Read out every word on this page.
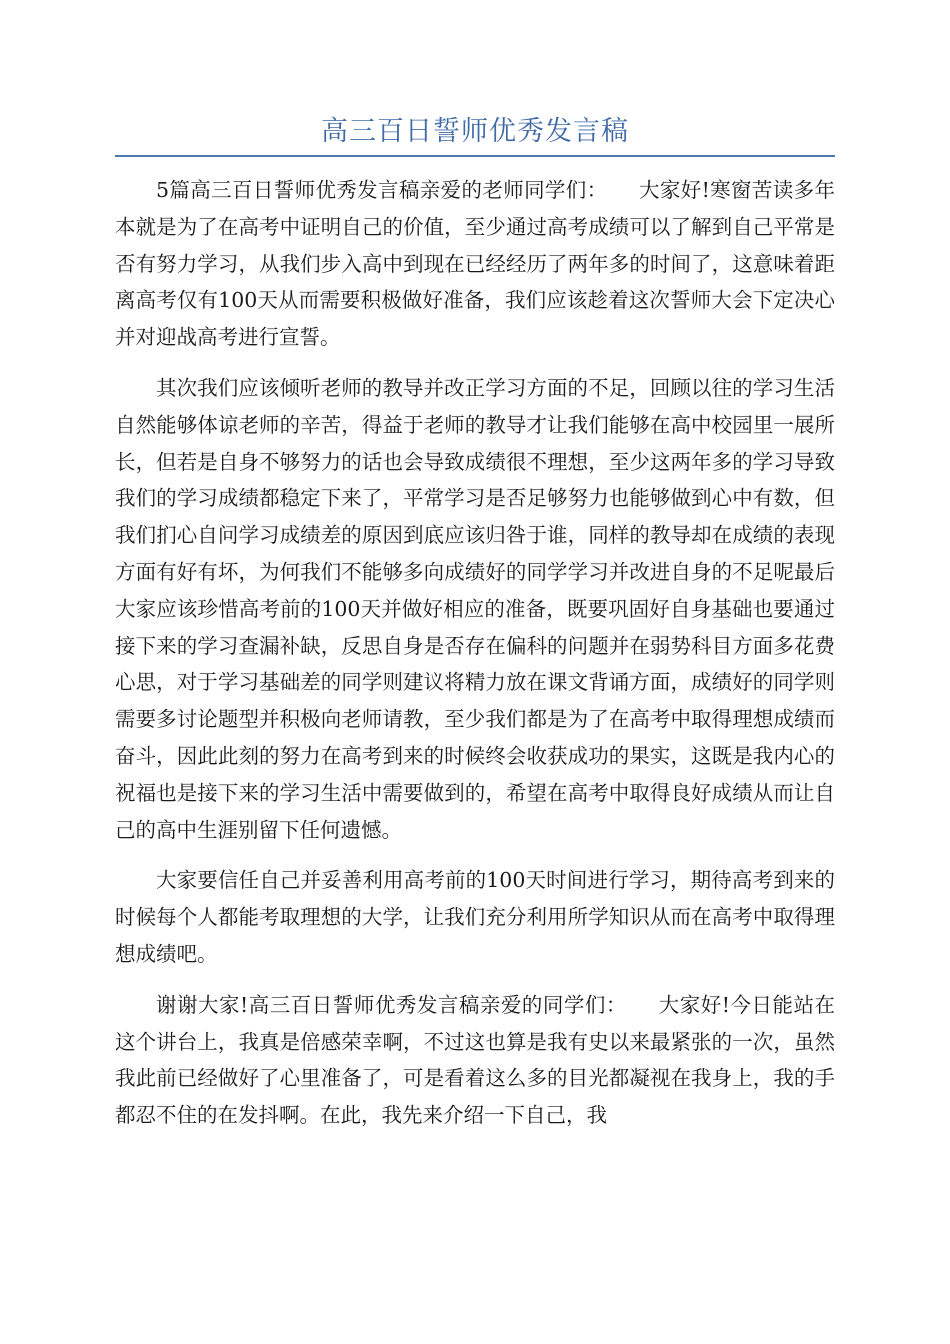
高三百日誓师优秀发言稿

5篇高三百日誓师优秀发言稿亲爱的老师同学们：　　大家好!寒窗苦读多年本就是为了在高考中证明自己的价值，至少通过高考成绩可以了解到自己平常是否有努力学习，从我们步入高中到现在已经经历了两年多的时间了，这意味着距离高考仅有100天从而需要积极做好准备，我们应该趁着这次誓师大会下定决心并对迎战高考进行宣誓。

其次我们应该倾听老师的教导并改正学习方面的不足，回顾以往的学习生活自然能够体谅老师的辛苦，得益于老师的教导才让我们能够在高中校园里一展所长，但若是自身不够努力的话也会导致成绩很不理想，至少这两年多的学习导致我们的学习成绩都稳定下来了，平常学习是否足够努力也能够做到心中有数，但我们扪心自问学习成绩差的原因到底应该归咎于谁，同样的教导却在成绩的表现方面有好有坏，为何我们不能够多向成绩好的同学学习并改进自身的不足呢最后大家应该珍惜高考前的100天并做好相应的准备，既要巩固好自身基础也要通过接下来的学习查漏补缺，反思自身是否存在偏科的问题并在弱势科目方面多花费心思，对于学习基础差的同学则建议将精力放在课文背诵方面，成绩好的同学则需要多讨论题型并积极向老师请教，至少我们都是为了在高考中取得理想成绩而奋斗，因此此刻的努力在高考到来的时候终会收获成功的果实，这既是我内心的祝福也是接下来的学习生活中需要做到的，希望在高考中取得良好成绩从而让自己的高中生涯别留下任何遗憾。

大家要信任自己并妥善利用高考前的100天时间进行学习，期待高考到来的时候每个人都能考取理想的大学，让我们充分利用所学知识从而在高考中取得理想成绩吧。

谢谢大家!高三百日誓师优秀发言稿亲爱的同学们：　　大家好!今日能站在这个讲台上，我真是倍感荣幸啊，不过这也算是我有史以来最紧张的一次，虽然我此前已经做好了心里准备了，可是看着这么多的目光都凝视在我身上，我的手都忍不住的在发抖啊。在此，我先来介绍一下自己，我
